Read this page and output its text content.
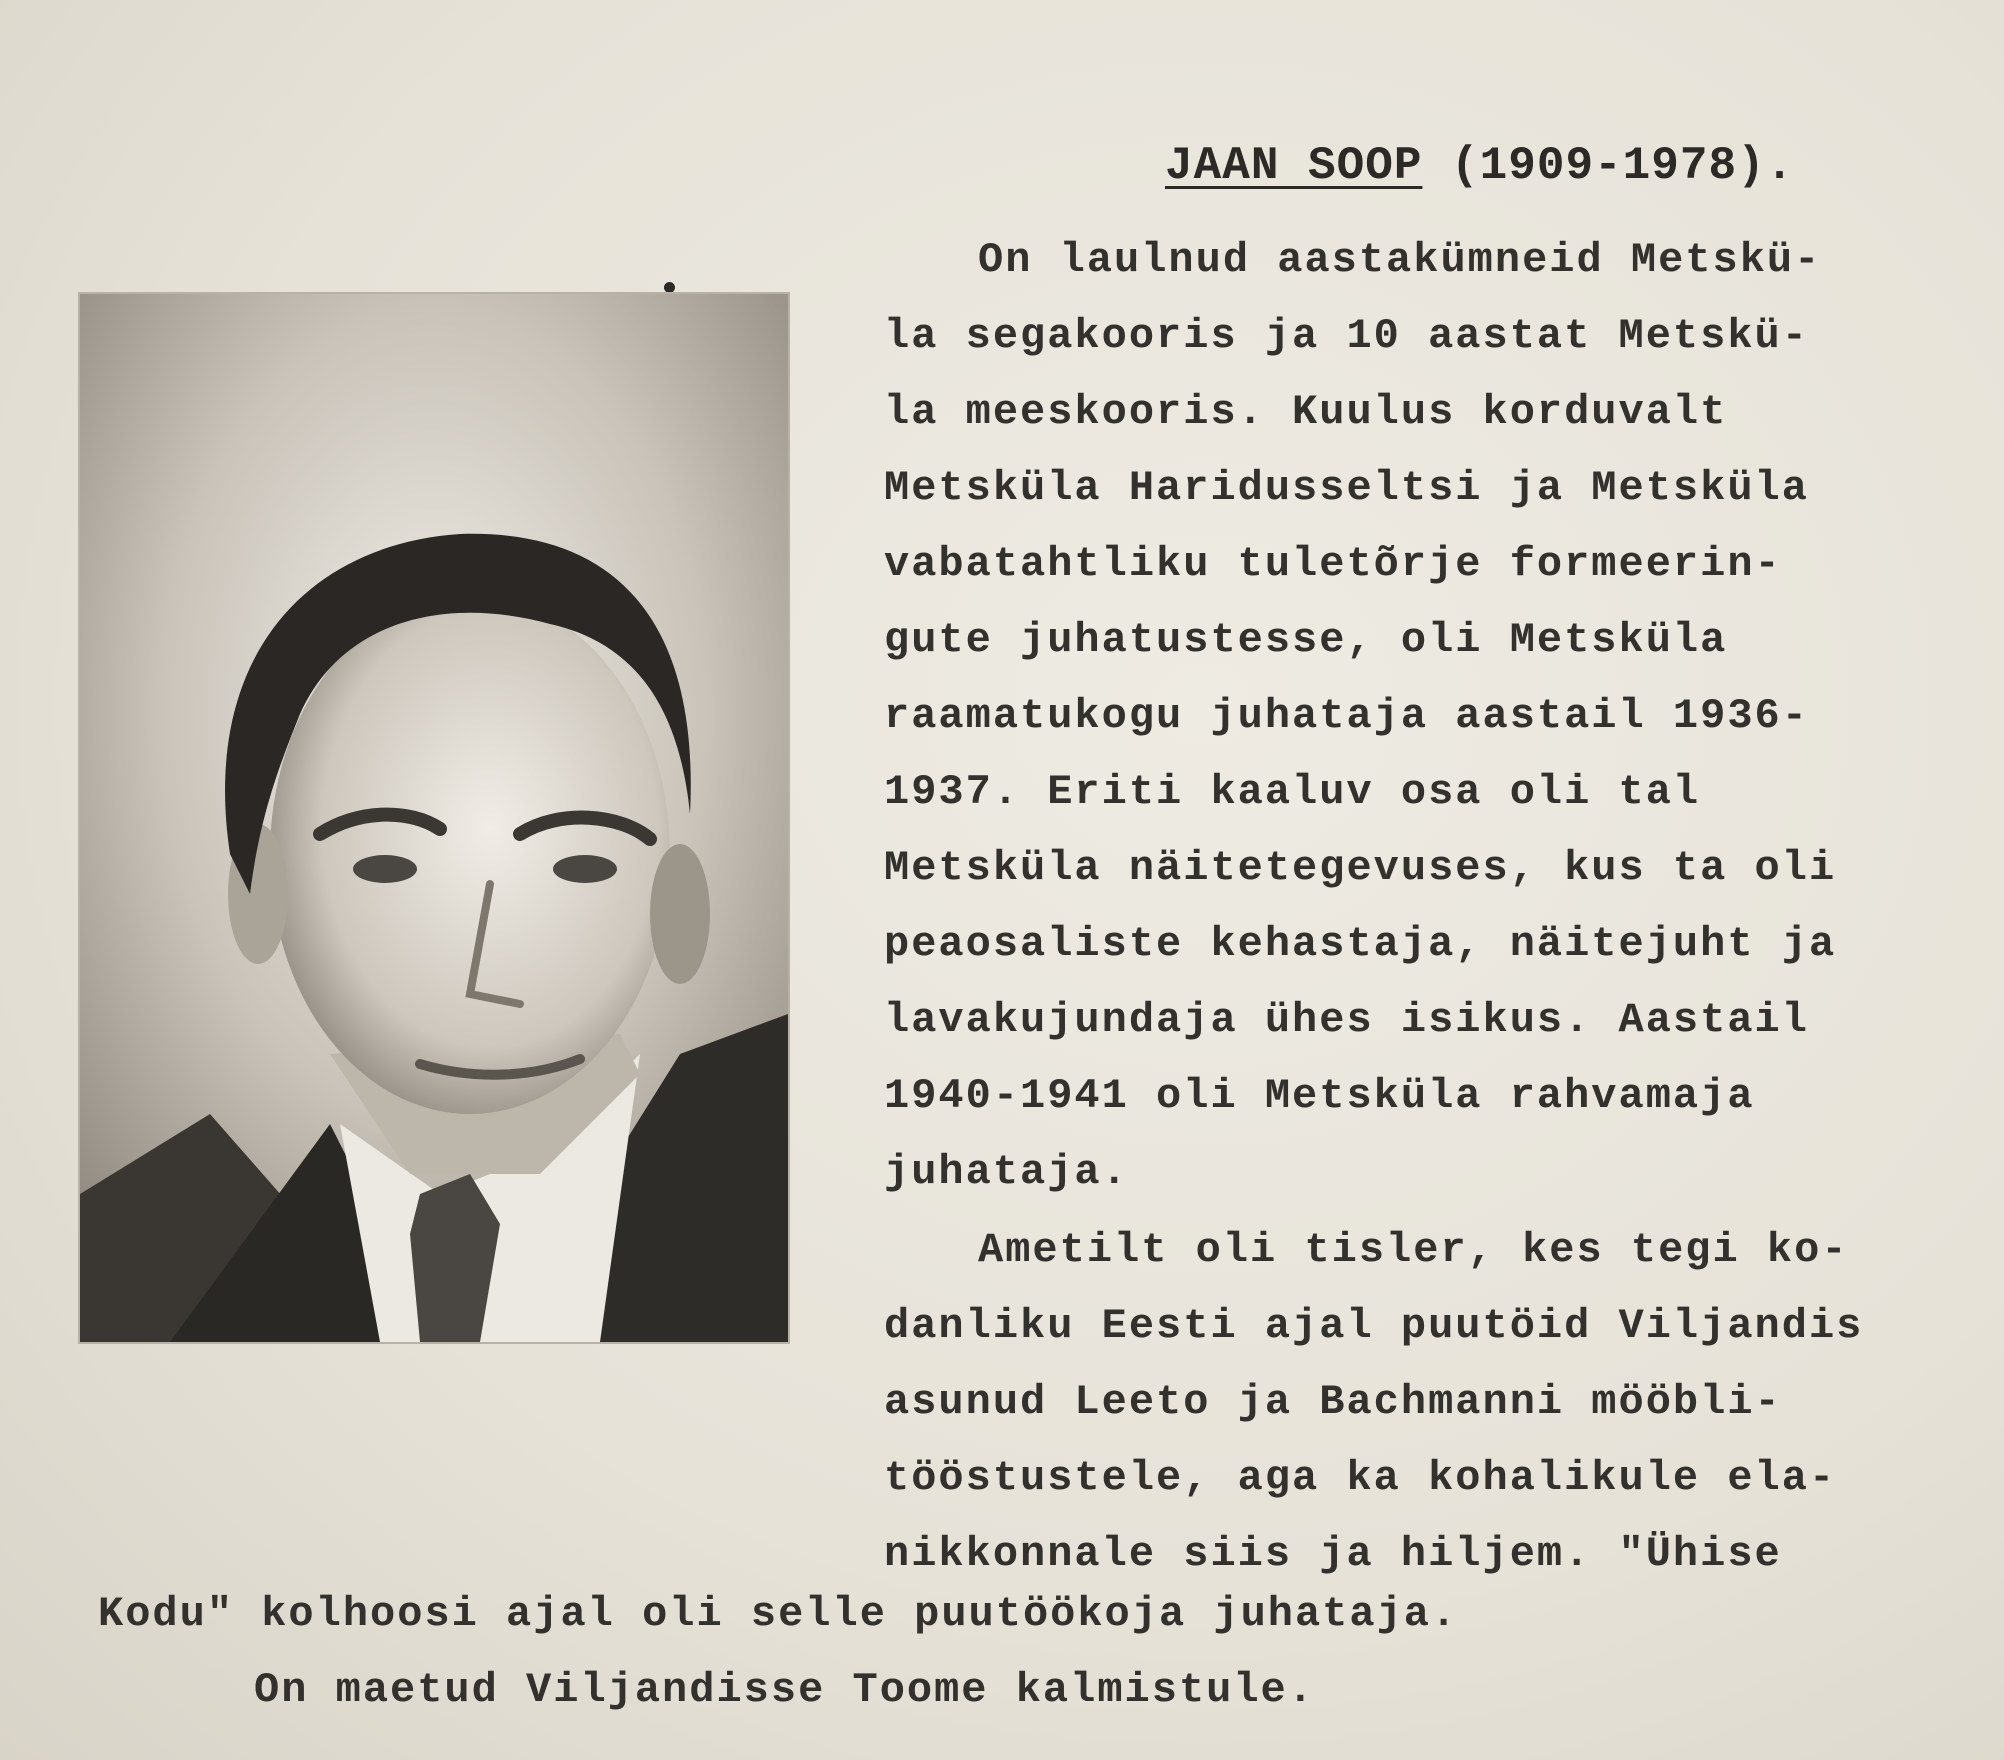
JAAN SOOP (1909-1978).
On laulnud aastakümneid Metskü-
la segakooris ja 10 aastat Metskü-
la meeskooris. Kuulus korduvalt
Metsküla Haridusseltsi ja Metsküla
vabatahtliku tuletõrje formeerin-
gute juhatustesse, oli Metsküla
raamatukogu juhataja aastail 1936-
1937. Eriti kaaluv osa oli tal
Metsküla näitetegevuses, kus ta oli
peaosaliste kehastaja, näitejuht ja
lavakujundaja ühes isikus. Aastail
1940-1941 oli Metsküla rahvamaja
juhataja.
Ametilt oli tisler, kes tegi ko-
danliku Eesti ajal puutöid Viljandis
asunud Leeto ja Bachmanni mööbli-
tööstustele, aga ka kohalikule ela-
nikkonnale siis ja hiljem. "Ühise
Kodu" kolhoosi ajal oli selle puutöökoja juhataja.
On maetud Viljandisse Toome kalmistule.
